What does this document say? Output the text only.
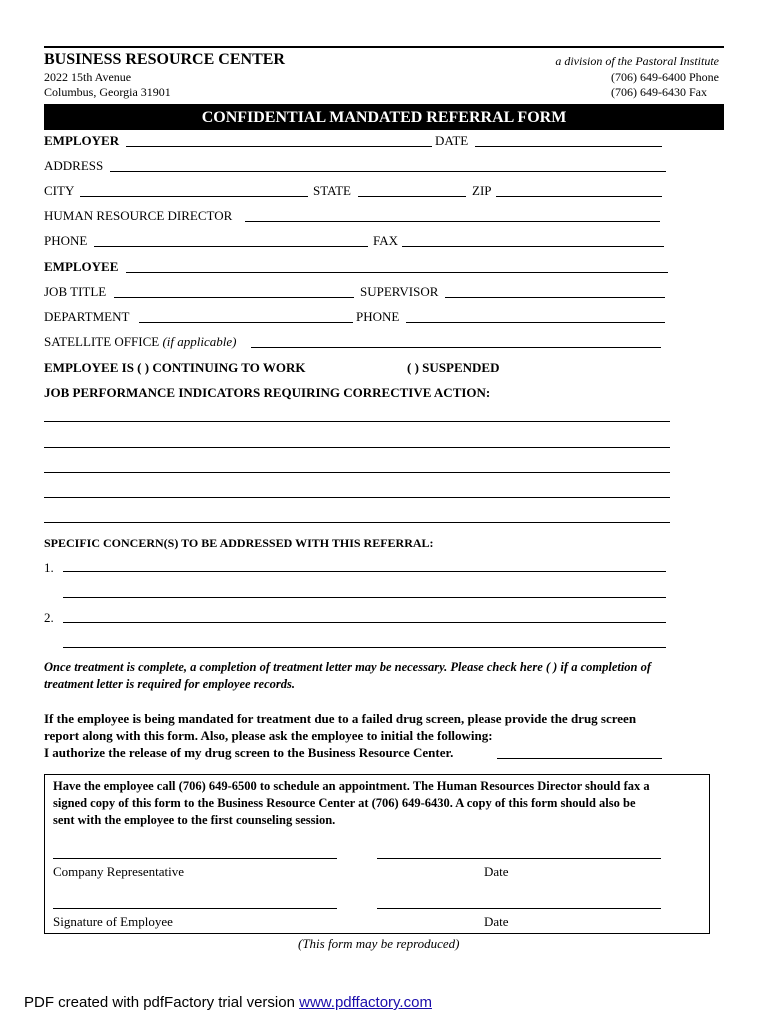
BUSINESS RESOURCE CENTER	a division of the Pastoral Institute
2022 15th Avenue
Columbus, Georgia 31901
(706) 649-6400 Phone
(706) 649-6430 Fax
CONFIDENTIAL MANDATED REFERRAL FORM
EMPLOYER	DATE
ADDRESS
CITY	STATE	ZIP
HUMAN RESOURCE DIRECTOR
PHONE	FAX
EMPLOYEE
JOB TITLE	SUPERVISOR
DEPARTMENT	PHONE
SATELLITE OFFICE (if applicable)
EMPLOYEE IS ( ) CONTINUING TO WORK	( ) SUSPENDED
JOB PERFORMANCE INDICATORS REQUIRING CORRECTIVE ACTION:
SPECIFIC CONCERN(S) TO BE ADDRESSED WITH THIS REFERRAL:
1.
2.
Once treatment is complete, a completion of treatment letter may be necessary. Please check here ( ) if a completion of
treatment letter is required for employee records.
If the employee is being mandated for treatment due to a failed drug screen, please provide the drug screen
report along with this form. Also, please ask the employee to initial the following:
I authorize the release of my drug screen to the Business Resource Center.
Have the employee call (706) 649-6500 to schedule an appointment. The Human Resources Director should fax a
signed copy of this form to the Business Resource Center at (706) 649-6430. A copy of this form should also be
sent with the employee to the first counseling session.
Company Representative	Date
Signature of Employee	Date
(This form may be reproduced)
PDF created with pdfFactory trial version www.pdffactory.com
